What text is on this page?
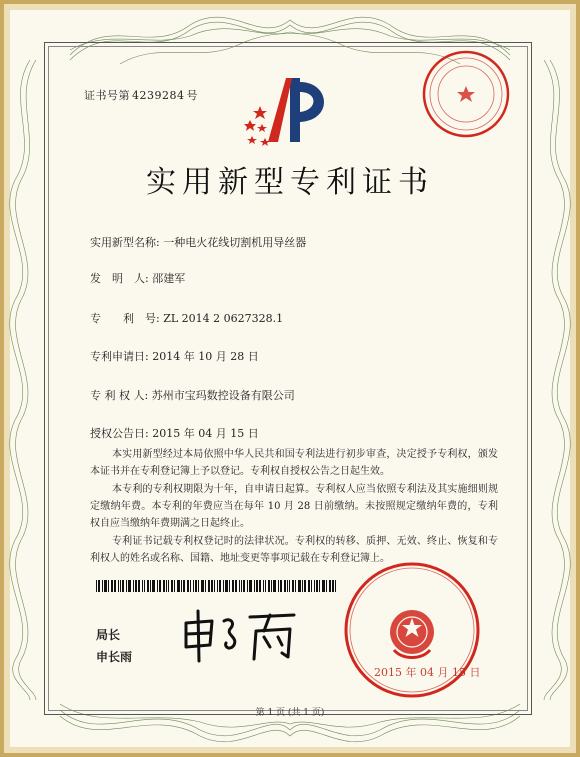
证书号第 4239284 号
实用新型专利证书
实用新型名称: 一种电火花线切割机用导丝器
发　明　人: 邵建军
专　　利　号: ZL 2014 2 0627328.1
专利申请日: 2014 年 10 月 28 日
专 利 权 人: 苏州市宝玛数控设备有限公司
授权公告日: 2015 年 04 月 15 日

本实用新型经过本局依照中华人民共和国专利法进行初步审查，决定授予专利权，颁发本证书并在专利登记簿上予以登记。专利权自授权公告之日起生效。

本专利的专利权期限为十年，自申请日起算。专利权人应当依照专利法及其实施细则规定缴纳年费。本专利的年费应当在每年 10 月 28 日前缴纳。未按照规定缴纳年费的，专利权自应当缴纳年费期满之日起终止。

专利证书记载专利权登记时的法律状况。专利权的转移、质押、无效、终止、恢复和专利权人的姓名或名称、国籍、地址变更等事项记载在专利登记簿上。

局长
申长雨
2015 年 04 月 15 日
第 1 页 (共 1 页)
